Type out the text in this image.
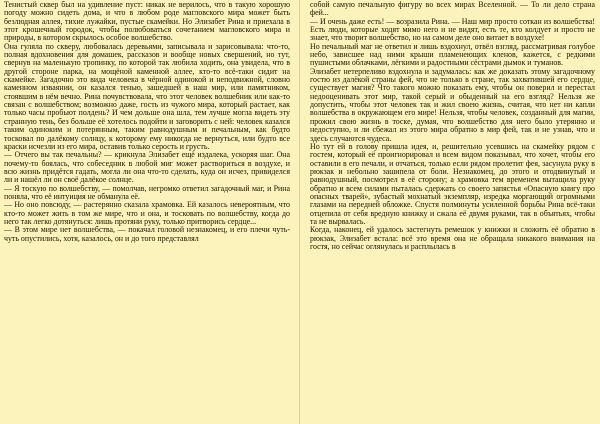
Тенистый сквер был на удивление пуст: никак не верилось, что в такую хорошую погоду можно сидеть дома, и что в любом роде магловского мира может быть безлюдная аллея, тихие лужайки, пустые скамейки. Но Элизабет Рина и приехала в этот крошечный городок, чтобы полюбоваться сочетанием магловского мира и природы, в котором скрылось особое волшебство.

Она гуляла по скверу, любовалась деревьями, записывала и зарисовывала: что-то, полная вдохновения для домашек, рассказов и вообще новых свершений, но тут, свернув на маленькую тропинку, по которой так любила ходить, она увидела, что в другой стороне парка, на мощёной каменной аллее, кто-то всё-таки сидит на скамейке. Загадочно это вида человека в чёрной одинокой и неподвижной, словно каменном изваянии, он казался тенью, зашедшей в наш мир, или памятником, стоявшим в нём вечно. Рина почувствовала, что этот человек волшебник или как-то связан с волшебством; возможно даже, гость из чужого мира, который растает, как только часы пробьют полдень? И чем дольше она шла, тем лучше могла видеть эту странную тень, без больше её хотелось подойти и заговорить с ней: человек казался таким одиноким и потерянным, таким равнодушным и печальным, как будто тосковал по далёкому солнцу, к которому ему никогда не вернуться, или будто все краски исчезли из его мира, оставив только серость и грусть.

— Отчего вы так печальны? — крикнула Элизабет ещё издалека, ускоряя шаг. Она почему-то боялась, что собеседник в любой миг может раствориться в воздухе, и всю жизнь придётся гадать, могла ли она что-то сделать, куда он исчез, привиделся ли и нашёл ли он своё далёкое солнце.

— Я тоскую по волшебству, — помолчав, негромко ответил загадочный маг, и Рина поняла, что её интуиция не обманула её.

— Но оно повсюду, — растерянно сказала храмовка. Ей казалось невероятным, что кто-то может жить в том же мире, что и она, и тосковать по волшебству, когда до него так легко дотянуться: лишь протяни руку, только притворись сердце...

— В этом мире нет волшебства, — покачал головой незнакомец, и его плечи чуть-чуть опустились, хотя, казалось, он и до того представлял

собой самую печальную фигуру во всех мирах Вселенной. — То ли дело страна фей...

— И очень даже есть! — возразила Рина. — Наш мир просто соткан из волшебства! Есть люди, которые ходят мимо него и не видят, есть те, кто колдует и просто не знает, что творит волшебство, но на самом деле оно витает в воздухе!

Но печальный маг не ответил и лишь вздохнул, отвёл взгляд, рассматривая голубое небо, зависшее над ними крыши пламенеющих кленов, кажется, с редкими пушистыми облачками, лёгкими и радостными сёстрами дымок и туманов.

Элизабет нетерпеливо вздохнула и задумалась: как же доказать этому загадочному гостю из далёкой страны фей, что не только в стране, так захватившей его сердце, существует магия? Что такого можно показать ему, чтобы он поверил и перестал недооценивать этот мир, такой серый и обыденный на его взгляд? Нельзя же допустить, чтобы этот человек так и жил своею жизнь, считая, что нет ни капли волшебства в окружающем его мире! Нельзя, чтобы человек, созданный для магии, прожил свою жизнь в тоске, думая, что волшебство для него было утерянно и недоступно, и ли сбежал из этого мира обратно в мир фей, так и не узнав, что и здесь случаются чудеса.

Но тут ей в голову пришла идея, и, решительно усевшись на скамейку рядом с гостем, который её проигнорировал и всем видом показывал, что хочет, чтобы его оставили в его печали, и отчаться, только если рядом пролетит фея, засунула руку в рюкзак и небольно зашипела от боли. Незнакомец, до этого и отодвинутый и равнодушный, посмотрел в её сторону; а храмовка тем временем вытащила руку обратно и всем силами пыталась сдержать со своего запястья «Опасную книгу про опасных тварей», зубастый мохнатый экземпляр, изредка моргающий огромными глазами на передней обложке. Спустя полминуты усиленной борьбы Рина всё-таки отцепила от себя вредную книжку и сжала её двумя руками, так в объятьях, чтобы та не вырвалась.

Когда, наконец, ей удалось застегнуть ремешок у книжки и сложить её обратно в рюкзак, Элизабет встала: всё это время она не обращала никакого внимания на гостя, но сейчас оглянулась и расплылась в
